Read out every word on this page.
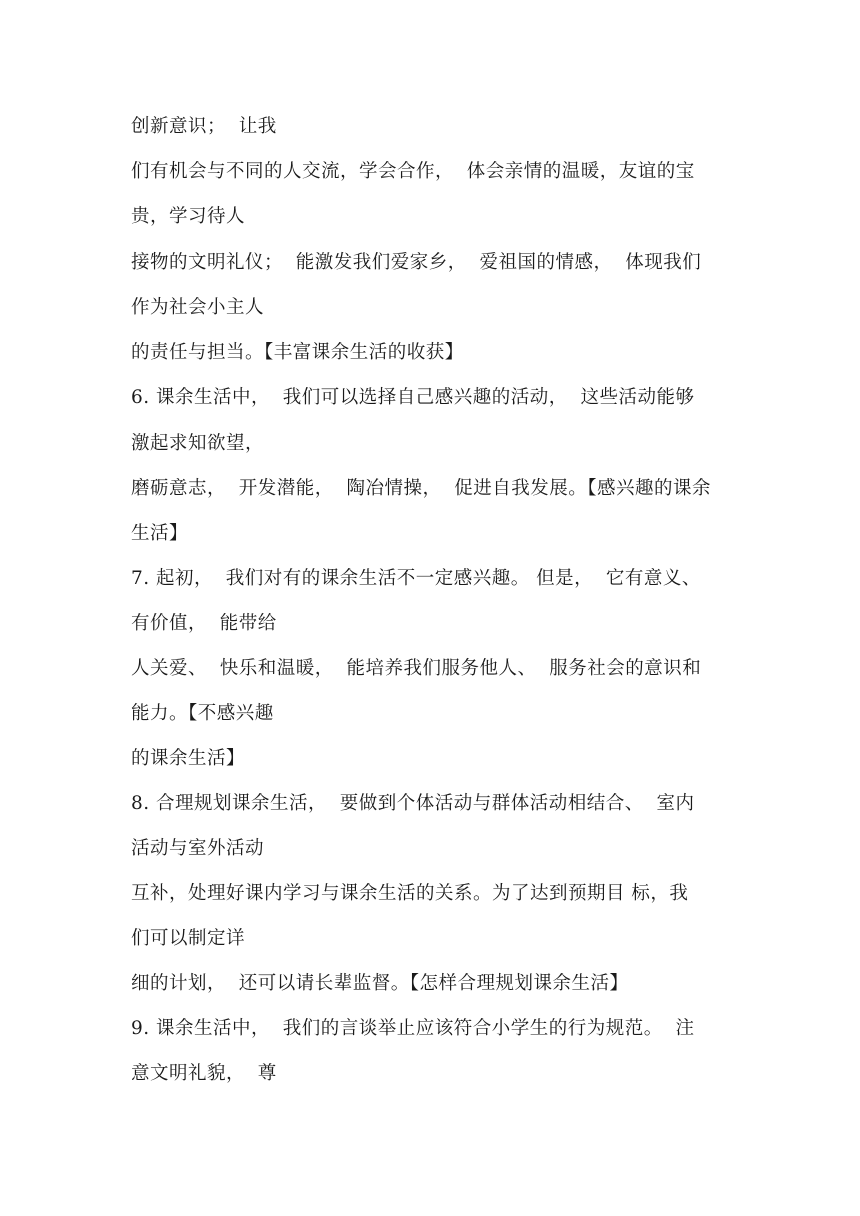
创新意识；  让我
们有机会与不同的人交流，学会合作，  体会亲情的温暖，友谊的宝
贵，学习待人
接物的文明礼仪；  能激发我们爱家乡，  爱祖国的情感，  体现我们
作为社会小主人
的责任与担当。【丰富课余生活的收获】
6. 课余生活中，  我们可以选择自己感兴趣的活动，  这些活动能够
激起求知欲望，
磨砺意志，  开发潜能，  陶冶情操，  促进自我发展。【感兴趣的课余
生活】
7. 起初，  我们对有的课余生活不一定感兴趣。 但是，  它有意义、
有价值，  能带给
人关爱、  快乐和温暖，  能培养我们服务他人、  服务社会的意识和
能力。【不感兴趣
的课余生活】
8. 合理规划课余生活，  要做到个体活动与群体活动相结合、  室内
活动与室外活动
互补，处理好课内学习与课余生活的关系。为了达到预期目 标，我
们可以制定详
细的计划，  还可以请长辈监督。【怎样合理规划课余生活】
9. 课余生活中，  我们的言谈举止应该符合小学生的行为规范。  注
意文明礼貌，  尊
